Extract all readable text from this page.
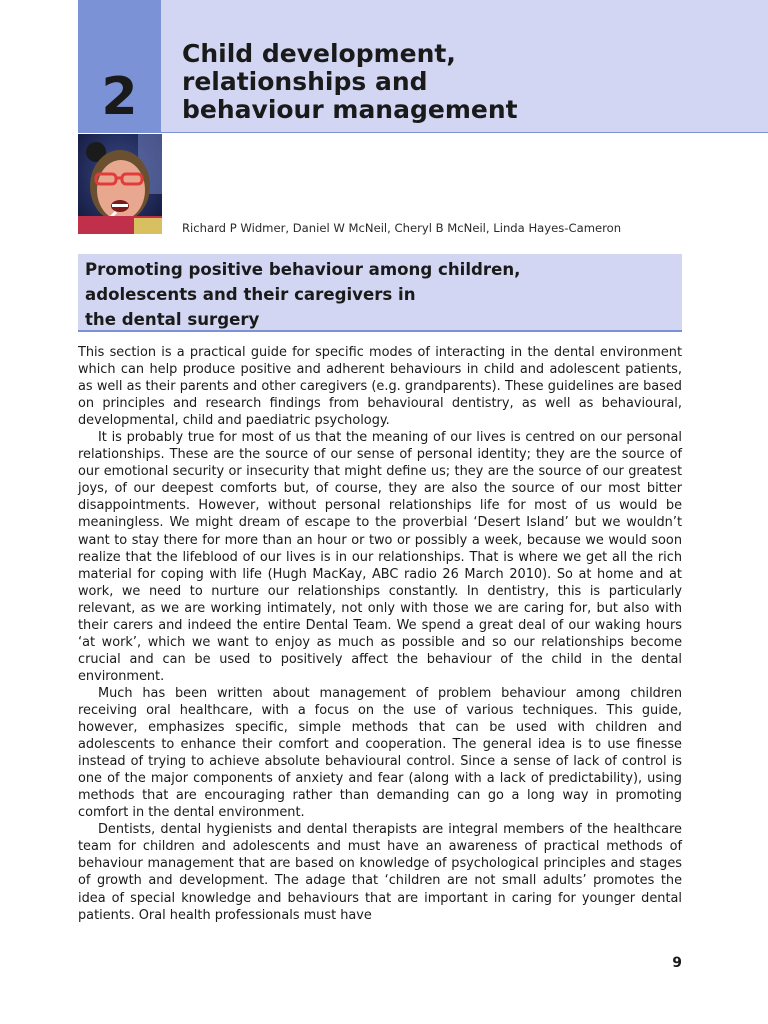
2
Child development,
relationships and
behaviour management
Richard P Widmer, Daniel W McNeil, Cheryl B McNeil, Linda Hayes-Cameron
Promoting positive behaviour among children,
adolescents and their caregivers in
the dental surgery

This section is a practical guide for specific modes of interacting in the dental environment which can help produce positive and adherent behaviours in child and adolescent patients, as well as their parents and other caregivers (e.g. grandparents). These guidelines are based on principles and research findings from behavioural dentistry, as well as behavioural, developmental, child and paediatric psychology.

It is probably true for most of us that the meaning of our lives is centred on our personal relationships. These are the source of our sense of personal identity; they are the source of our emotional security or insecurity that might define us; they are the source of our greatest joys, of our deepest comforts but, of course, they are also the source of our most bitter disappointments. However, without personal relationships life for most of us would be meaningless. We might dream of escape to the proverbial ‘Desert Island’ but we wouldn’t want to stay there for more than an hour or two or possibly a week, because we would soon realize that the lifeblood of our lives is in our relationships. That is where we get all the rich material for coping with life (Hugh MacKay, ABC radio 26 March 2010). So at home and at work, we need to nurture our relationships constantly. In dentistry, this is particularly relevant, as we are working intimately, not only with those we are caring for, but also with their carers and indeed the entire Dental Team. We spend a great deal of our waking hours ‘at work’, which we want to enjoy as much as possible and so our relationships become crucial and can be used to positively affect the behaviour of the child in the dental environment.

Much has been written about management of problem behaviour among children receiving oral healthcare, with a focus on the use of various techniques. This guide, however, emphasizes specific, simple methods that can be used with children and adolescents to enhance their comfort and cooperation. The general idea is to use finesse instead of trying to achieve absolute behavioural control. Since a sense of lack of control is one of the major components of anxiety and fear (along with a lack of predictability), using methods that are encouraging rather than demanding can go a long way in promoting comfort in the dental environment.

Dentists, dental hygienists and dental therapists are integral members of the healthcare team for children and adolescents and must have an awareness of practical methods of behaviour management that are based on knowledge of psychological principles and stages of growth and development. The adage that ‘children are not small adults’ promotes the idea of special knowledge and behaviours that are important in caring for younger dental patients. Oral health professionals must have

9
